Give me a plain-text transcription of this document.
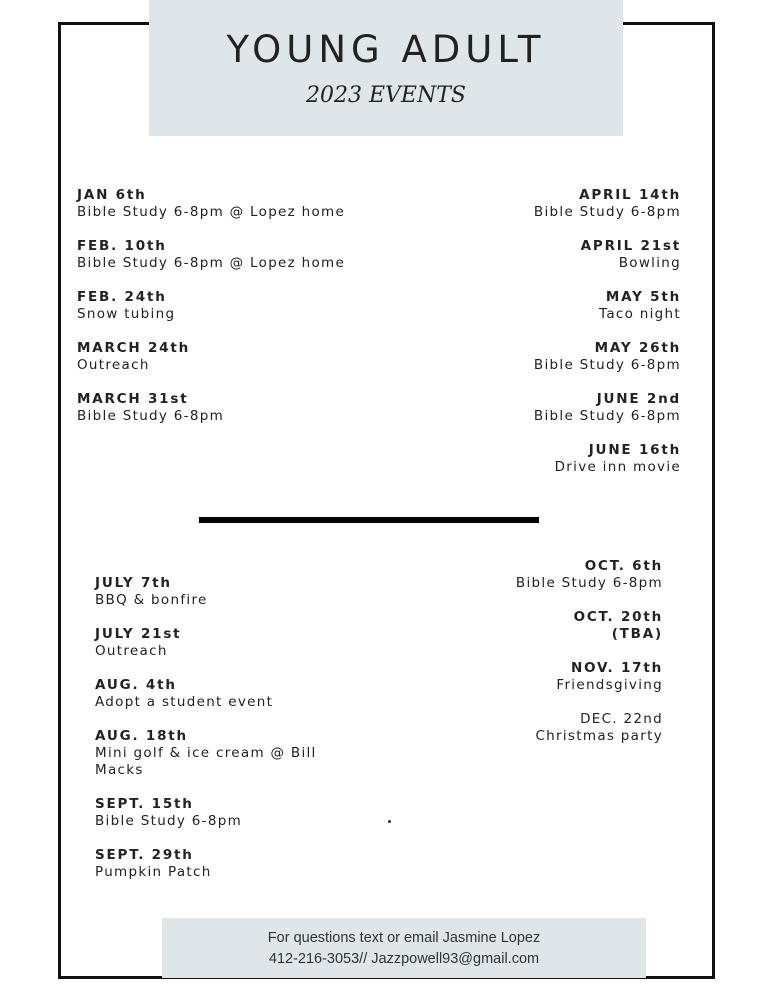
YOUNG ADULT
2023 EVENTS
JAN 6th
Bible Study 6-8pm @ Lopez home
FEB. 10th
Bible Study 6-8pm @ Lopez home
FEB. 24th
Snow tubing
MARCH 24th
Outreach
MARCH 31st
Bible Study 6-8pm
APRIL 14th
Bible Study 6-8pm
APRIL 21st
Bowling
MAY 5th
Taco night
MAY 26th
Bible Study 6-8pm
JUNE 2nd
Bible Study 6-8pm
JUNE 16th
Drive inn movie
JULY 7th
BBQ & bonfire
JULY 21st
Outreach
AUG. 4th
Adopt a student event
AUG. 18th
Mini golf & ice cream @ Bill Macks
SEPT. 15th
Bible Study 6-8pm
SEPT. 29th
Pumpkin Patch
OCT. 6th
Bible Study 6-8pm
OCT. 20th
(TBA)
NOV. 17th
Friendsgiving
DEC. 22nd
Christmas party
For questions text or email Jasmine Lopez
412-216-3053// Jazzpowell93@gmail.com
